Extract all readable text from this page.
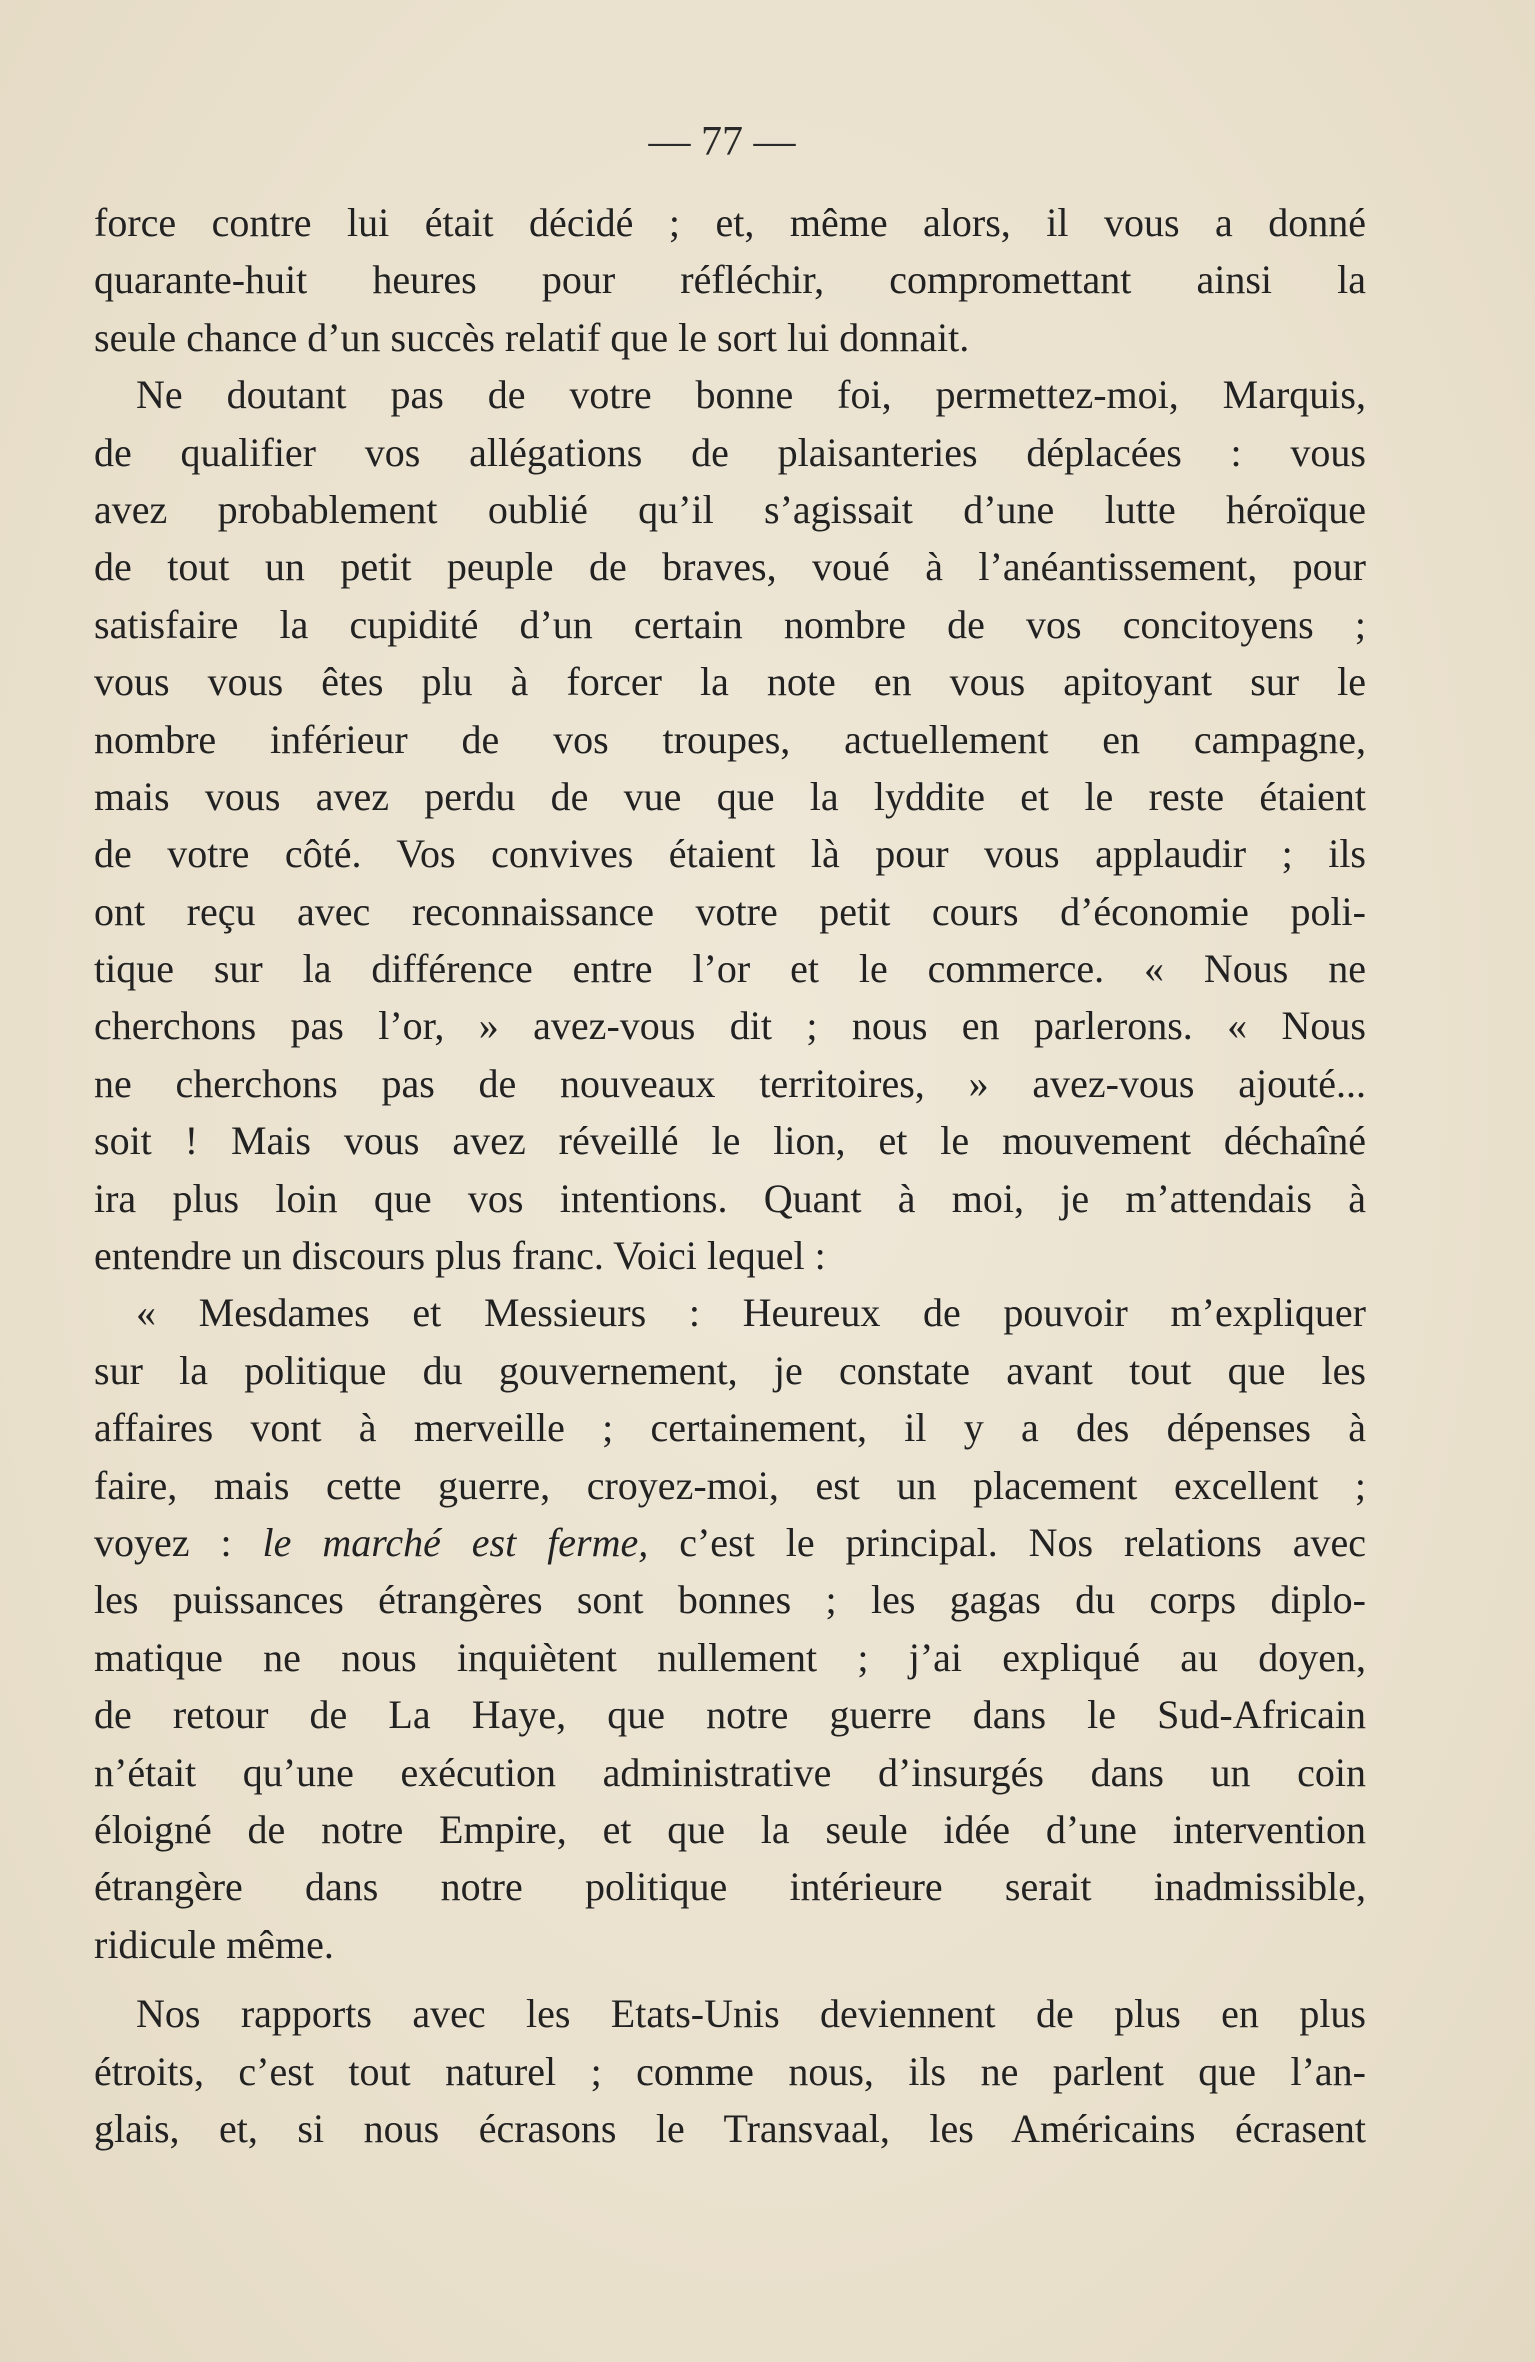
— 77 —
force contre lui était décidé ; et, même alors, il vous a donné
quarante-huit heures pour réfléchir, compromettant ainsi la
seule chance d’un succès relatif que le sort lui donnait.
Ne doutant pas de votre bonne foi, permettez-moi, Marquis,
de qualifier vos allégations de plaisanteries déplacées : vous
avez probablement oublié qu’il s’agissait d’une lutte héroïque
de tout un petit peuple de braves, voué à l’anéantissement, pour
satisfaire la cupidité d’un certain nombre de vos concitoyens ;
vous vous êtes plu à forcer la note en vous apitoyant sur le
nombre inférieur de vos troupes, actuellement en campagne,
mais vous avez perdu de vue que la lyddite et le reste étaient
de votre côté. Vos convives étaient là pour vous applaudir ; ils
ont reçu avec reconnaissance votre petit cours d’économie poli-
tique sur la différence entre l’or et le commerce. « Nous ne
cherchons pas l’or, » avez-vous dit ; nous en parlerons. « Nous
ne cherchons pas de nouveaux territoires, » avez-vous ajouté...
soit ! Mais vous avez réveillé le lion, et le mouvement déchaîné
ira plus loin que vos intentions. Quant à moi, je m’attendais à
entendre un discours plus franc. Voici lequel :
« Mesdames et Messieurs : Heureux de pouvoir m’expliquer
sur la politique du gouvernement, je constate avant tout que les
affaires vont à merveille ; certainement, il y a des dépenses à
faire, mais cette guerre, croyez-moi, est un placement excellent ;
voyez : le marché est ferme, c’est le principal. Nos relations avec
les puissances étrangères sont bonnes ; les gagas du corps diplo-
matique ne nous inquiètent nullement ; j’ai expliqué au doyen,
de retour de La Haye, que notre guerre dans le Sud-Africain
n’était qu’une exécution administrative d’insurgés dans un coin
éloigné de notre Empire, et que la seule idée d’une intervention
étrangère dans notre politique intérieure serait inadmissible,
ridicule même.
Nos rapports avec les Etats-Unis deviennent de plus en plus
étroits, c’est tout naturel ; comme nous, ils ne parlent que l’an-
glais, et, si nous écrasons le Transvaal, les Américains écrasent
